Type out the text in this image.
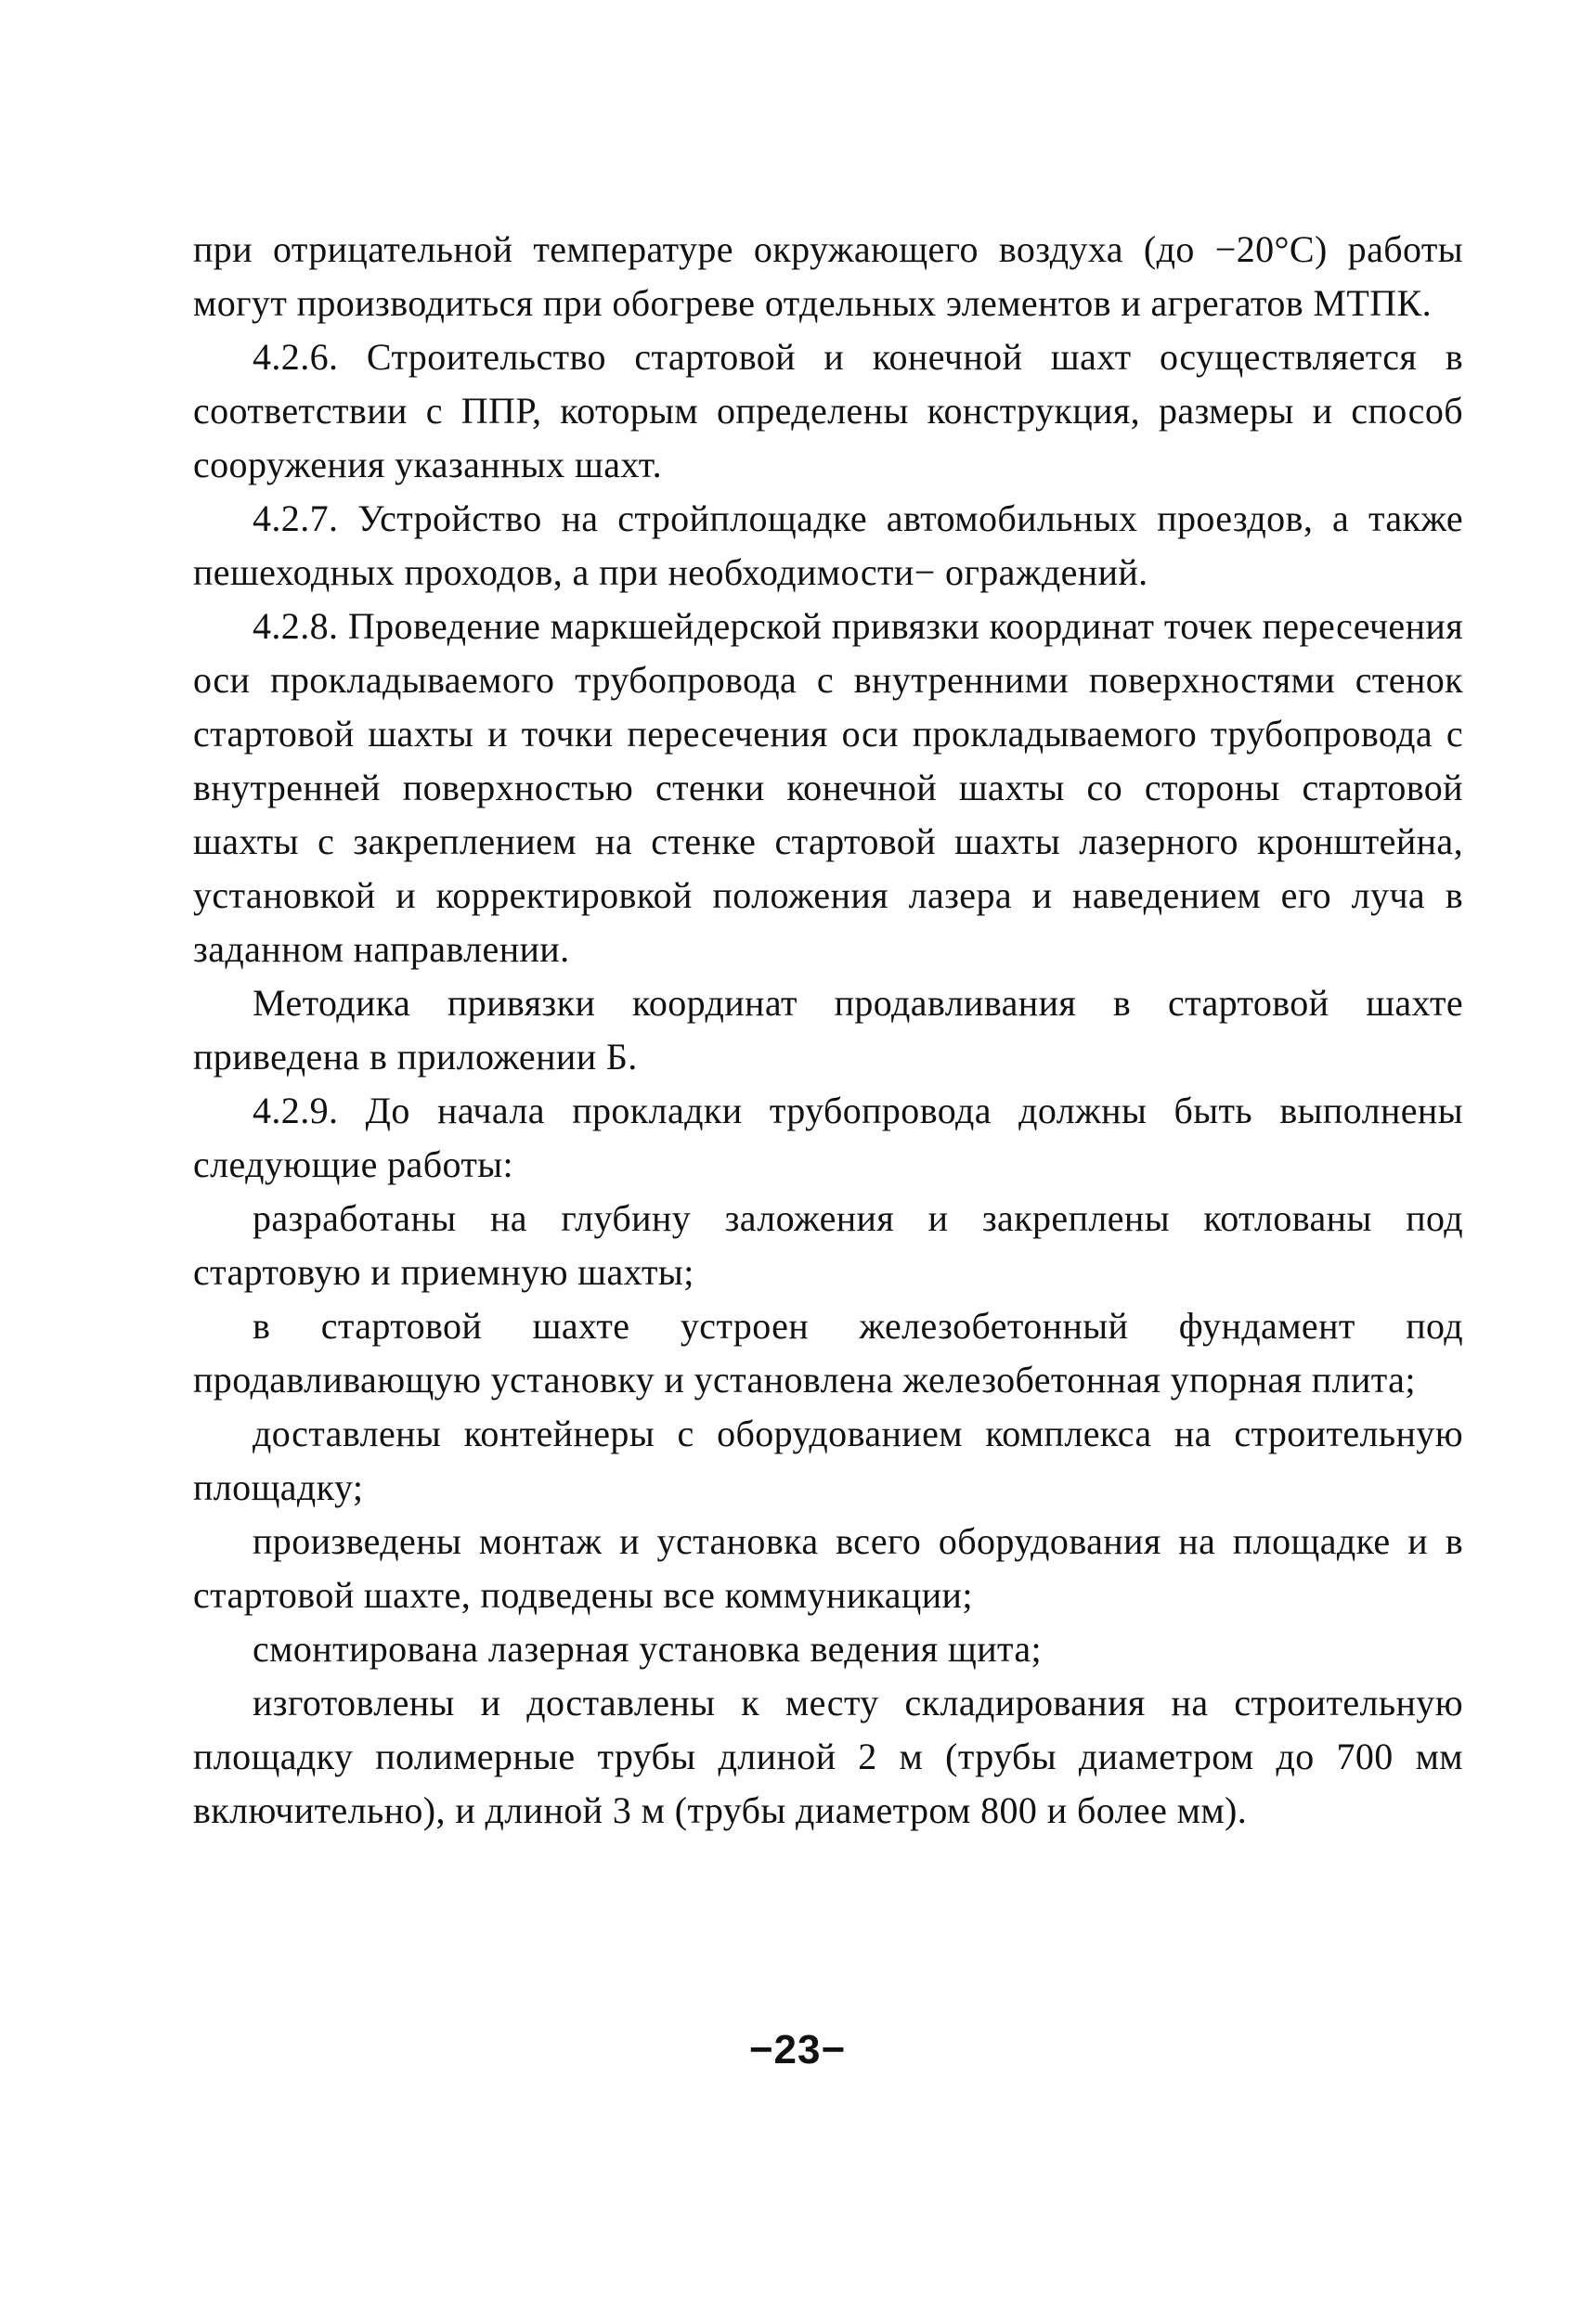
при отрицательной температуре окружающего воздуха (до −20°С) работы могут производиться при обогреве отдельных элементов и агрегатов МТПК.

4.2.6. Строительство стартовой и конечной шахт осуществляется в соответствии с ППР, которым определены конструкция, размеры и способ сооружения указанных шахт.

4.2.7. Устройство на стройплощадке автомобильных проездов, а также пешеходных проходов, а при необходимости− ограждений.

4.2.8. Проведение маркшейдерской привязки координат точек пересечения оси прокладываемого трубопровода с внутренними поверхностями стенок стартовой шахты и точки пересечения оси прокладываемого трубопровода с внутренней поверхностью стенки конечной шахты со стороны стартовой шахты с закреплением на стенке стартовой шахты лазерного кронштейна, установкой и корректировкой положения лазера и наведением его луча в заданном направлении.

Методика привязки координат продавливания в стартовой шахте приведена в приложении Б.

4.2.9. До начала прокладки трубопровода должны быть выполнены следующие работы:

разработаны на глубину заложения и закреплены котлованы под стартовую и приемную шахты;

в стартовой шахте устроен железобетонный фундамент под продавливающую установку и установлена железобетонная упорная плита;

доставлены контейнеры с оборудованием комплекса на строительную площадку;

произведены монтаж и установка всего оборудования на площадке и в стартовой шахте, подведены все коммуникации;

смонтирована лазерная установка ведения щита;

изготовлены и доставлены к месту складирования на строительную площадку полимерные трубы длиной 2 м (трубы диаметром до 700 мм включительно), и длиной 3 м (трубы диаметром 800 и более мм).

−23−
